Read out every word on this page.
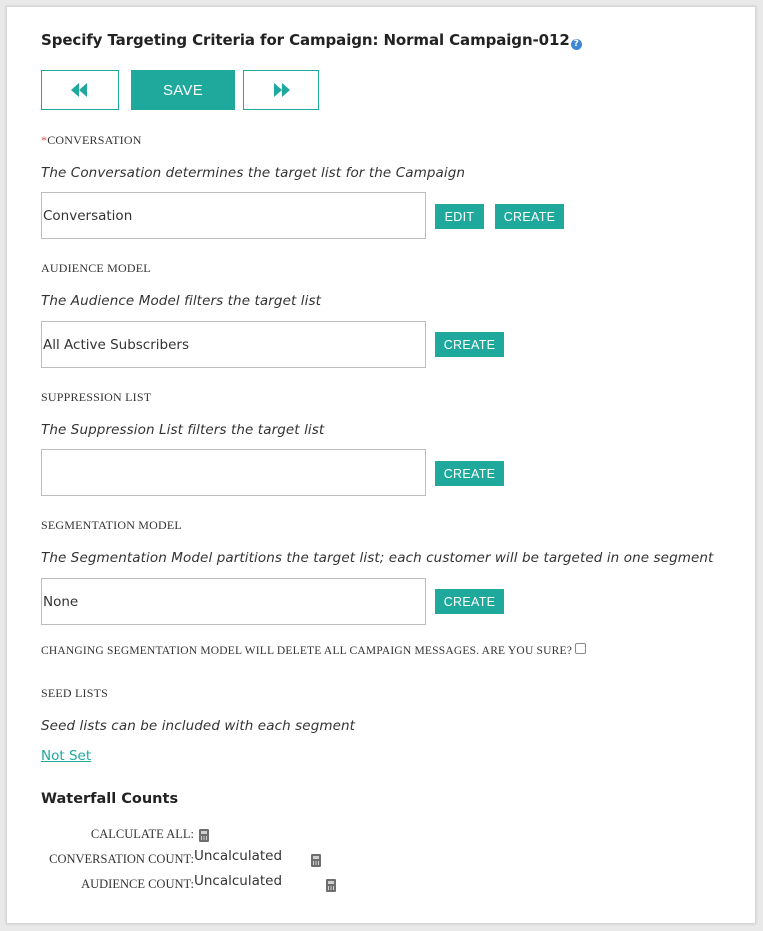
Specify Targeting Criteria for Campaign: Normal Campaign-012 ?
SAVE
*CONVERSATION
The Conversation determines the target list for the Campaign
Conversation	EDIT	CREATE
AUDIENCE MODEL
The Audience Model filters the target list
All Active Subscribers	CREATE
SUPPRESSION LIST
The Suppression List filters the target list
CREATE
SEGMENTATION MODEL
The Segmentation Model partitions the target list; each customer will be targeted in one segment
None	CREATE
CHANGING SEGMENTATION MODEL WILL DELETE ALL CAMPAIGN MESSAGES. ARE YOU SURE?
SEED LISTS
Seed lists can be included with each segment
Not Set
Waterfall Counts
CALCULATE ALL:

CONVERSATION COUNT: Uncalculated

AUDIENCE COUNT: Uncalculated
